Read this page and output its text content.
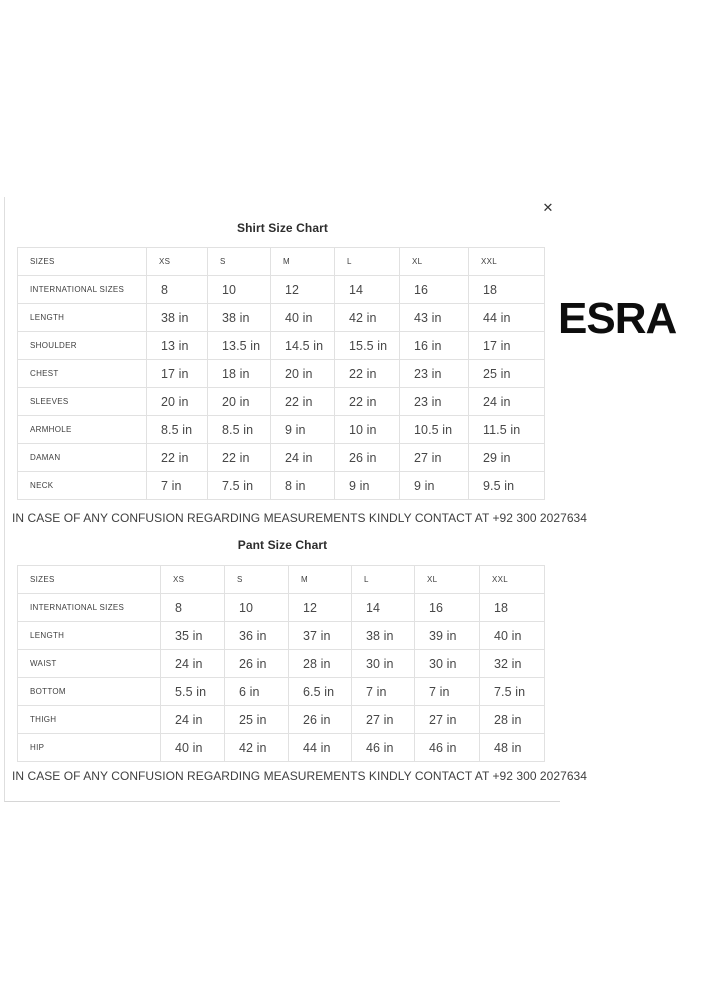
✕
Shirt Size Chart
SIZES	XS	S	M	L	XL	XXL
INTERNATIONAL SIZES	8	10	12	14	16	18
LENGTH	38 in	38 in	40 in	42 in	43 in	44 in
SHOULDER	13 in	13.5 in	14.5 in	15.5 in	16 in	17 in
CHEST	17 in	18 in	20 in	22 in	23 in	25 in
SLEEVES	20 in	20 in	22 in	22 in	23 in	24 in
ARMHOLE	8.5 in	8.5 in	9 in	10 in	10.5 in	11.5 in
DAMAN	22 in	22 in	24 in	26 in	27 in	29 in
NECK	7 in	7.5 in	8 in	9 in	9 in	9.5 in
IN CASE OF ANY CONFUSION REGARDING MEASUREMENTS KINDLY CONTACT AT +92 300 2027634
Pant Size Chart
SIZES	XS	S	M	L	XL	XXL
INTERNATIONAL SIZES	8	10	12	14	16	18
LENGTH	35 in	36 in	37 in	38 in	39 in	40 in
WAIST	24 in	26 in	28 in	30 in	30 in	32 in
BOTTOM	5.5 in	6 in	6.5 in	7 in	7 in	7.5 in
THIGH	24 in	25 in	26 in	27 in	27 in	28 in
HIP	40 in	42 in	44 in	46 in	46 in	48 in
IN CASE OF ANY CONFUSION REGARDING MEASUREMENTS KINDLY CONTACT AT +92 300 2027634
ESRA
